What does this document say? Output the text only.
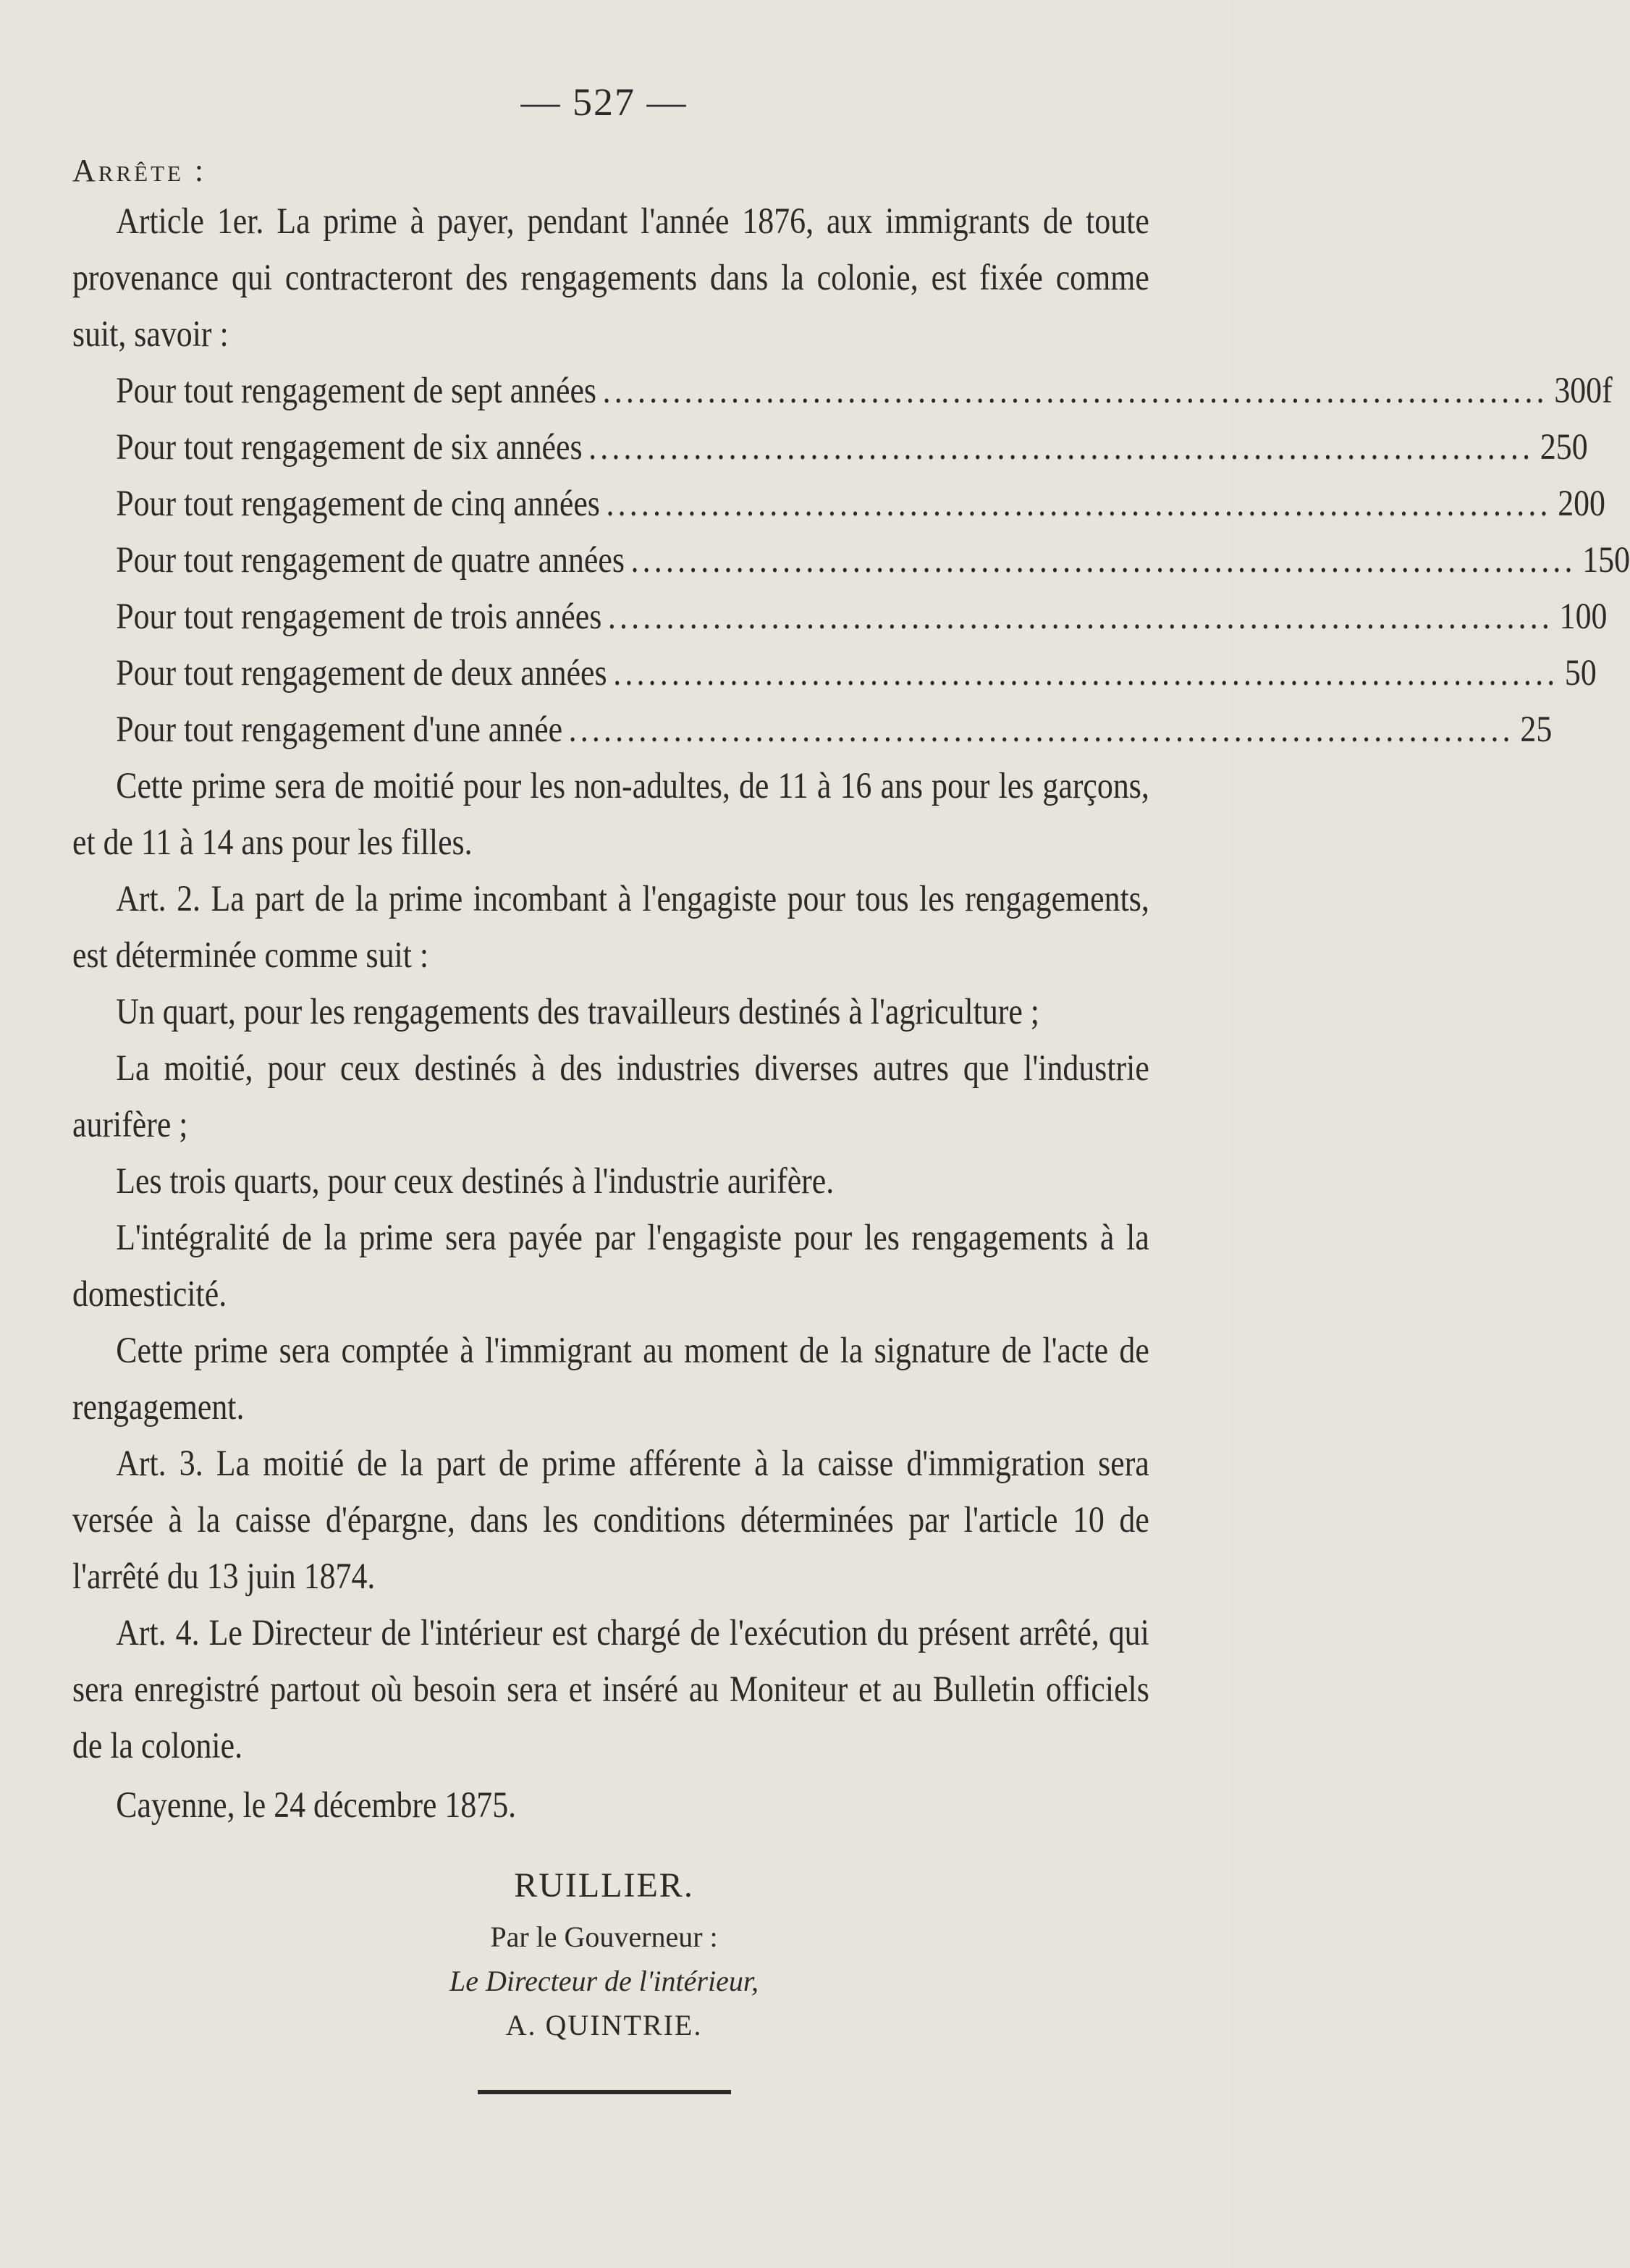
— 527 —
Arrête :

Article 1er. La prime à payer, pendant l'année 1876, aux immigrants de toute provenance qui contracteront des rengagements dans la colonie, est fixée comme suit, savoir :

Pour tout rengagement de sept années ................................................................................. 300f
Pour tout rengagement de six années ................................................................................. 250
Pour tout rengagement de cinq années ................................................................................. 200
Pour tout rengagement de quatre années ................................................................................. 150
Pour tout rengagement de trois années ................................................................................. 100
Pour tout rengagement de deux années ................................................................................. 50
Pour tout rengagement d'une année ................................................................................. 25

Cette prime sera de moitié pour les non-adultes, de 11 à 16 ans pour les garçons, et de 11 à 14 ans pour les filles.

Art. 2. La part de la prime incombant à l'engagiste pour tous les rengagements, est déterminée comme suit :

Un quart, pour les rengagements des travailleurs destinés à l'agriculture ;

La moitié, pour ceux destinés à des industries diverses autres que l'industrie aurifère ;

Les trois quarts, pour ceux destinés à l'industrie aurifère.

L'intégralité de la prime sera payée par l'engagiste pour les rengagements à la domesticité.

Cette prime sera comptée à l'immigrant au moment de la signature de l'acte de rengagement.

Art. 3. La moitié de la part de prime afférente à la caisse d'immigration sera versée à la caisse d'épargne, dans les conditions déterminées par l'article 10 de l'arrêté du 13 juin 1874.

Art. 4. Le Directeur de l'intérieur est chargé de l'exécution du présent arrêté, qui sera enregistré partout où besoin sera et inséré au Moniteur et au Bulletin officiels de la colonie.

Cayenne, le 24 décembre 1875.

RUILLIER.
Par le Gouverneur :
Le Directeur de l'intérieur,
A. QUINTRIE.
